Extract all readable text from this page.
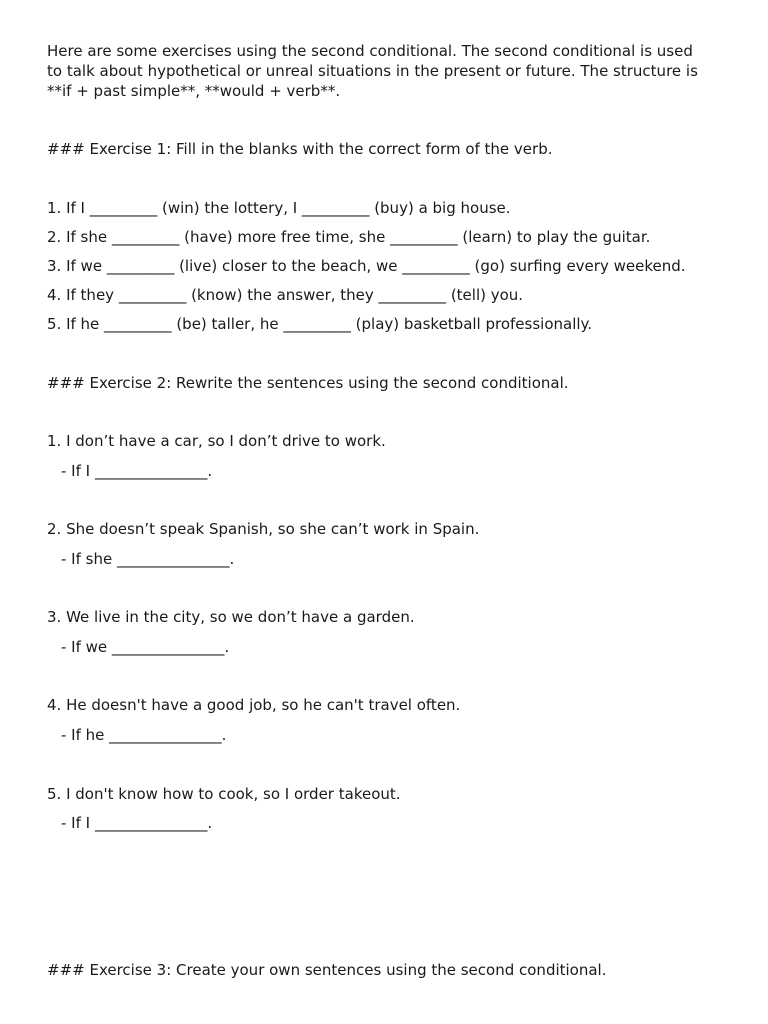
Here are some exercises using the second conditional. The second conditional is used
to talk about hypothetical or unreal situations in the present or future. The structure is
**if + past simple**, **would + verb**.
### Exercise 1: Fill in the blanks with the correct form of the verb.
1. If I _________ (win) the lottery, I _________ (buy) a big house.
2. If she _________ (have) more free time, she _________ (learn) to play the guitar.
3. If we _________ (live) closer to the beach, we _________ (go) surfing every weekend.
4. If they _________ (know) the answer, they _________ (tell) you.
5. If he _________ (be) taller, he _________ (play) basketball professionally.
### Exercise 2: Rewrite the sentences using the second conditional.
1. I don’t have a car, so I don’t drive to work.
- If I _______________.
2. She doesn’t speak Spanish, so she can’t work in Spain.
- If she _______________.
3. We live in the city, so we don’t have a garden.
- If we _______________.
4. He doesn't have a good job, so he can't travel often.
- If he _______________.
5. I don't know how to cook, so I order takeout.
- If I _______________.
### Exercise 3: Create your own sentences using the second conditional.
